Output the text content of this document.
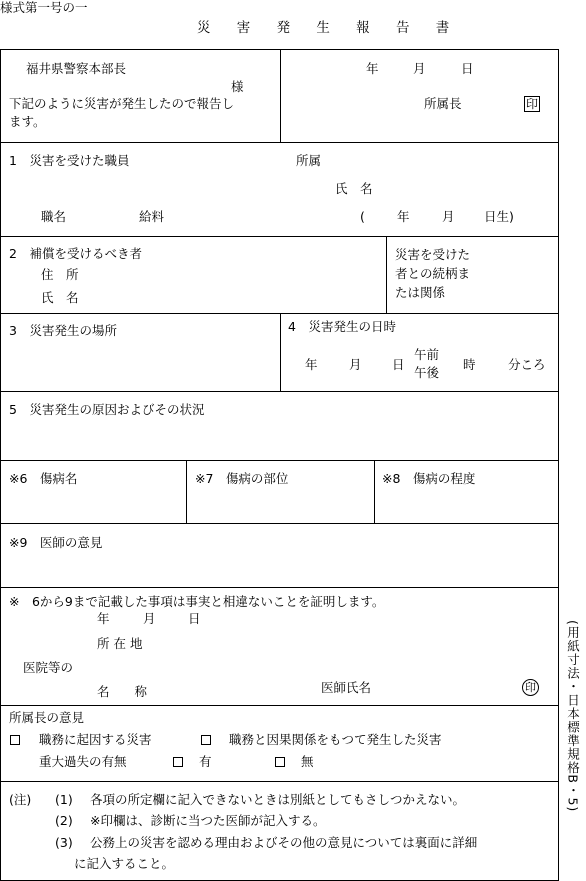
様式第一号の一
災 害 発 生 報 告 書
福井県警察本部長
様
下記のように災害が発生したので報告し
ます。
年	月	日
所属長	印
1　災害を受けた職員	所属
氏　名
職名	給料	(	年	月 日生)
2　補償を受けるべき者
住　所
氏　名
災害を受けた
者との続柄ま
たは関係
3　災害発生の場所	4　災害発生の日時
年	月 日
午前
午後
時	分ころ
5　災害発生の原因およびその状況
※6　傷病名	※7　傷病の部位	※8　傷病の程度
※9　医師の意見
※　6から9まで記載した事項は事実と相違ないことを証明します。
年	月	日
所 在 地
医院等の
名　　称	医師氏名	印
所属長の意見
職務に起因する災害	職務と因果関係をもつて発生した災害
重大過失の有無	有	無
(注) (1) 各項の所定欄に記入できないときは別紙としてもさしつかえない。
(2) ※印欄は、診断に当つた医師が記入する。
(3) 公務上の災害を認める理由およびその他の意見については裏面に詳細
に記入すること。
(用紙寸法・日本標準規格B・5)
